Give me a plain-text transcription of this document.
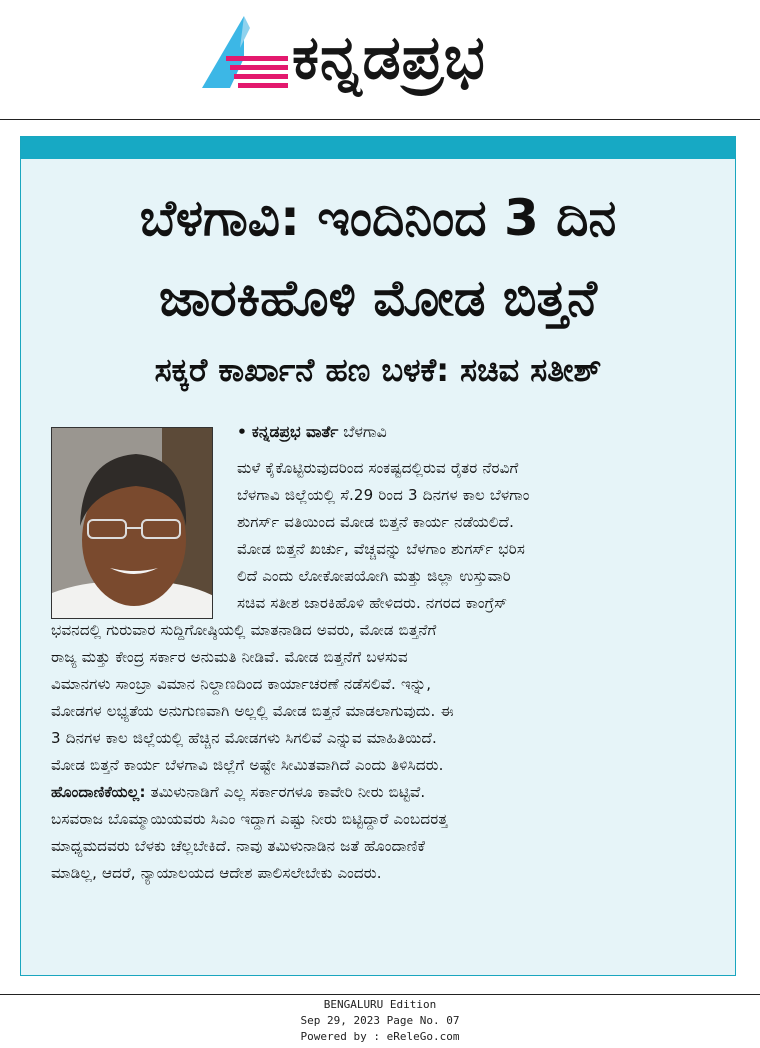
ಕನ್ನಡಪ್ರಭ
ಬೆಳಗಾವಿ: ಇಂದಿನಿಂದ 3 ದಿನ
ಜಾರಕಿಹೊಳಿ ಮೋಡ ಬಿತ್ತನೆ
ಸಕ್ಕರೆ ಕಾರ್ಖಾನೆ ಹಣ ಬಳಕೆ: ಸಚಿವ ಸತೀಶ್
• ಕನ್ನಡಪ್ರಭ ವಾರ್ತೆ ಬೆಳಗಾವಿ
ಮಳೆ ಕೈಕೊಟ್ಟಿರುವುದರಿಂದ ಸಂಕಷ್ಟದಲ್ಲಿರುವ ರೈತರ ನೆರವಿಗೆ
ಬೆಳಗಾವಿ ಜಿಲ್ಲೆಯಲ್ಲಿ ಸೆ.29 ರಿಂದ 3 ದಿನಗಳ ಕಾಲ ಬೆಳಗಾಂ
ಶುಗರ್ಸ್ ವತಿಯಿಂದ ಮೋಡ ಬಿತ್ತನೆ ಕಾರ್ಯ ನಡೆಯಲಿದೆ.
ಮೋಡ ಬಿತ್ತನೆ ಖರ್ಚು, ವೆಚ್ಚವನ್ನು ಬೆಳಗಾಂ ಶುಗರ್ಸ್ ಭರಿಸ
ಲಿದೆ ಎಂದು ಲೋಕೋಪಯೋಗಿ ಮತ್ತು ಜಿಲ್ಲಾ ಉಸ್ತುವಾರಿ
ಸಚಿವ ಸತೀಶ ಜಾರಕಿಹೊಳಿ ಹೇಳಿದರು. ನಗರದ ಕಾಂಗ್ರೆಸ್
ಭವನದಲ್ಲಿ ಗುರುವಾರ ಸುದ್ದಿಗೋಷ್ಠಿಯಲ್ಲಿ ಮಾತನಾಡಿದ ಅವರು, ಮೋಡ ಬಿತ್ತನೆಗೆ
ರಾಜ್ಯ ಮತ್ತು ಕೇಂದ್ರ ಸರ್ಕಾರ ಅನುಮತಿ ನೀಡಿವೆ. ಮೋಡ ಬಿತ್ತನೆಗೆ ಬಳಸುವ
ವಿಮಾನಗಳು ಸಾಂಬ್ರಾ ವಿಮಾನ ನಿಲ್ದಾಣದಿಂದ ಕಾರ್ಯಾಚರಣೆ ನಡೆಸಲಿವೆ. ಇನ್ನು,
ಮೋಡಗಳ ಲಭ್ಯತೆಯ ಅನುಗುಣವಾಗಿ ಅಲ್ಲಲ್ಲಿ ಮೋಡ ಬಿತ್ತನೆ ಮಾಡಲಾಗುವುದು. ಈ
3 ದಿನಗಳ ಕಾಲ ಜಿಲ್ಲೆಯಲ್ಲಿ ಹೆಚ್ಚಿನ ಮೋಡಗಳು ಸಿಗಲಿವೆ ಎನ್ನುವ ಮಾಹಿತಿಯಿದೆ.
ಮೋಡ ಬಿತ್ತನೆ ಕಾರ್ಯ ಬೆಳಗಾವಿ ಜಿಲ್ಲೆಗೆ ಅಷ್ಟೇ ಸೀಮಿತವಾಗಿದೆ ಎಂದು ತಿಳಿಸಿದರು.
ಹೊಂದಾಣಿಕೆಯಲ್ಲ: ತಮಿಳುನಾಡಿಗೆ ಎಲ್ಲ ಸರ್ಕಾರಗಳೂ ಕಾವೇರಿ ನೀರು ಬಿಟ್ಟಿವೆ.
ಬಸವರಾಜ ಬೊಮ್ಮಾಯಿಯವರು ಸಿಎಂ ಇದ್ದಾಗ ಎಷ್ಟು ನೀರು ಬಿಟ್ಟಿದ್ದಾರೆ ಎಂಬದರತ್ತ
ಮಾಧ್ಯಮದವರು ಬೆಳಕು ಚೆಲ್ಲಬೇಕಿದೆ. ನಾವು ತಮಿಳುನಾಡಿನ ಜತೆ ಹೊಂದಾಣಿಕೆ
ಮಾಡಿಲ್ಲ, ಆದರೆ, ನ್ಯಾಯಾಲಯದ ಆದೇಶ ಪಾಲಿಸಲೇಬೇಕು ಎಂದರು.
BENGALURU Edition
Sep 29, 2023 Page No. 07
Powered by : eReleGo.com
